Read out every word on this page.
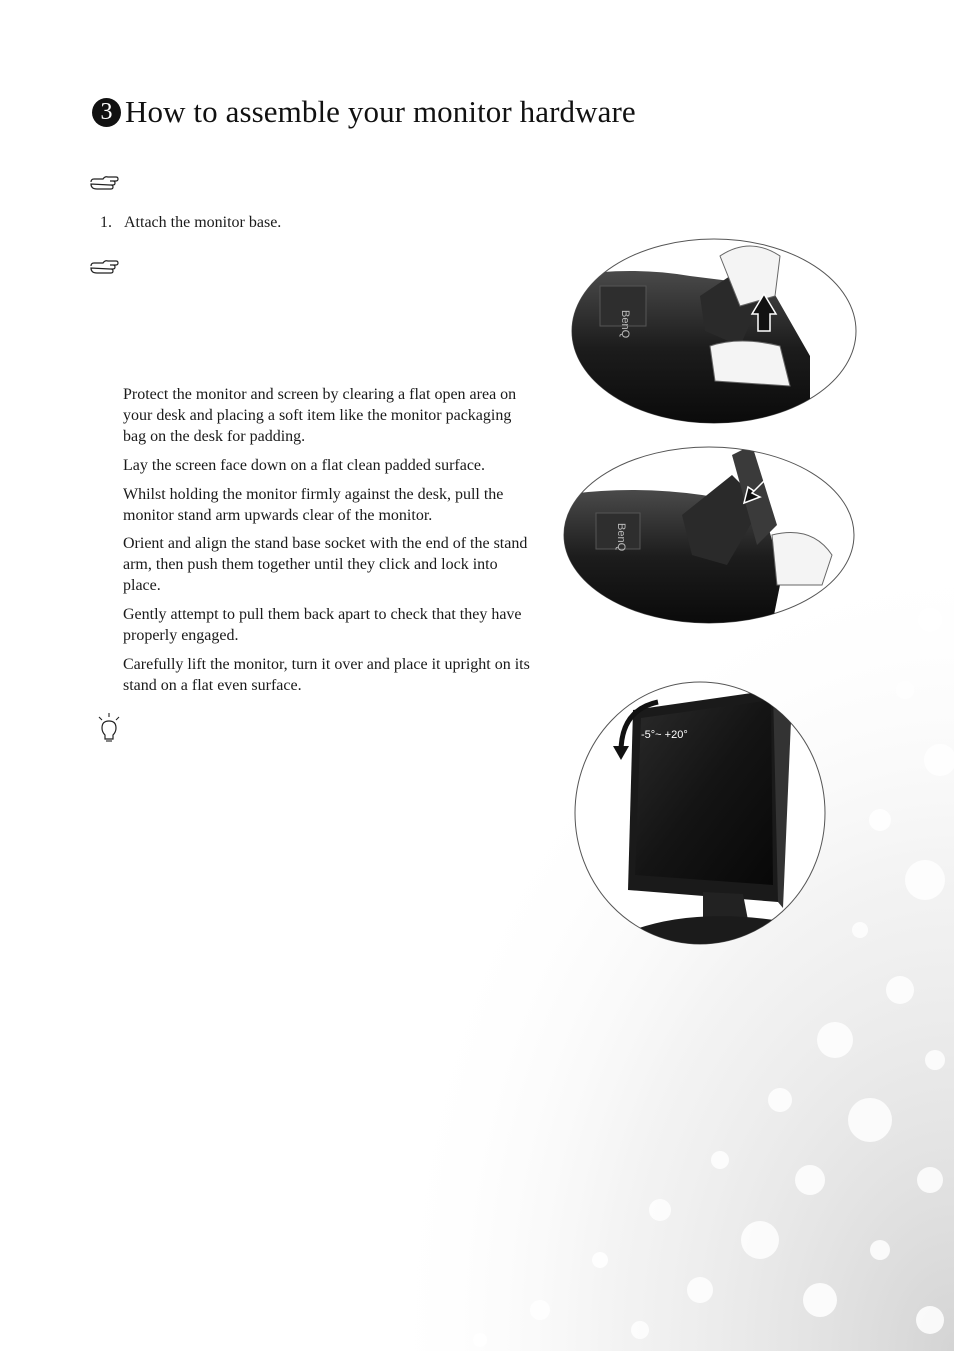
3 How to assemble your monitor hardware
1. Attach the monitor base.

Protect the monitor and screen by clearing a flat open area on your desk and placing a soft item like the monitor packaging bag on the desk for padding.

Lay the screen face down on a flat clean padded surface.

Whilst holding the monitor firmly against the desk, pull the monitor stand arm upwards clear of the monitor.

Orient and align the stand base socket with the end of the stand arm, then push them together until they click and lock into place.

Gently attempt to pull them back apart to check that they have properly engaged.

Carefully lift the monitor, turn it over and place it upright on its stand on a flat even surface.

BenQ
BenQ
-5°~ +20°
